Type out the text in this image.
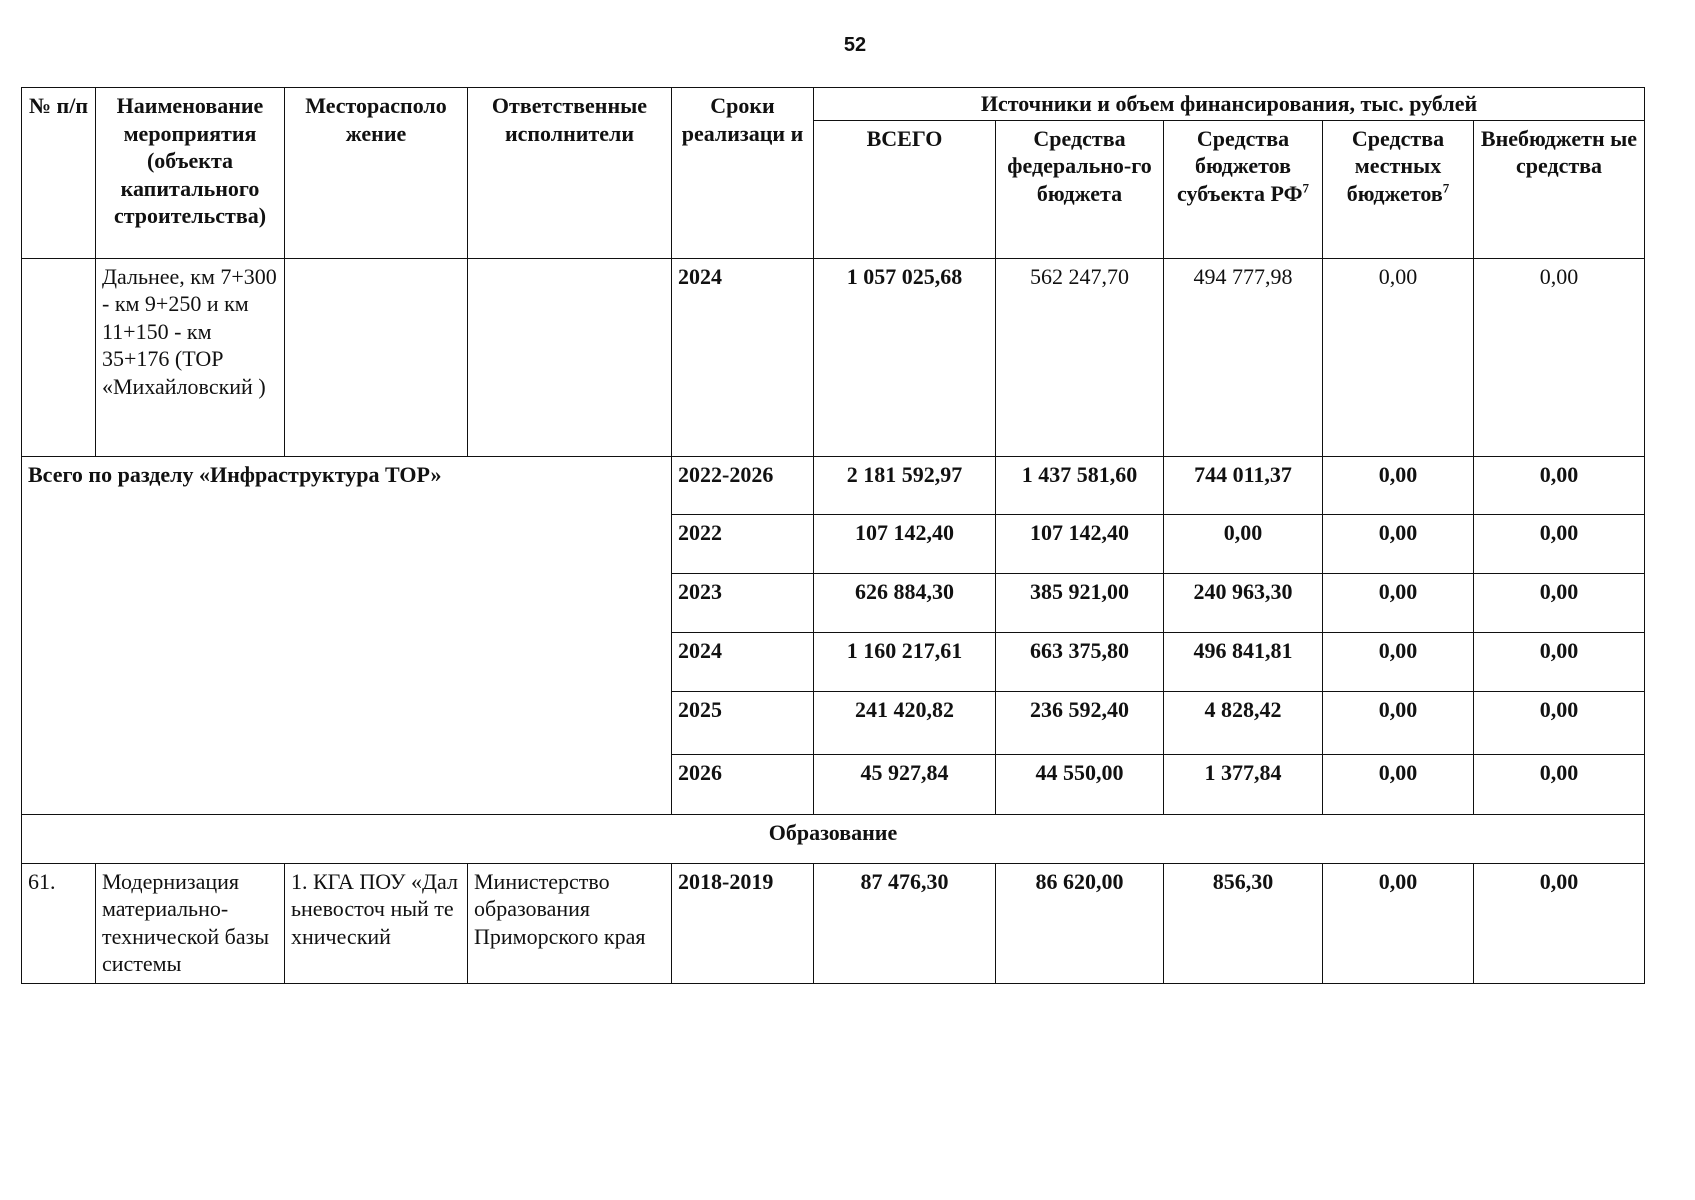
52
№ п/п	Наименование мероприятия (объекта капитального строительства)	Месторасполо жение	Ответственные исполнители	Сроки реализаци и	Источники и объем финансирования, тыс. рублей				
					ВСЕГО	Средства федерально-го бюджета	Средства бюджетов субъекта $РФ^7$	Средства местных бюджетов$^7$	Внебюджетн ые средства
	Дальнее, км 7+300 - км 9+250 и км 11+150 - км 35+176 (ТОР «Михайловский )			2024	1 057 025,68	562 247,70	494 777,98	0,00	0,00
Всего по разделу «Инфраструктура ТОР»				2022-2026	2 181 592,97	1 437 581,60	744 011,37	0,00	0,00
				2022	107 142,40	107 142,40	0,00	0,00	0,00
				2023	626 884,30	385 921,00	240 963,30	0,00	0,00
				2024	1 160 217,61	663 375,80	496 841,81	0,00	0,00
				2025	241 420,82	236 592,40	4 828,42	0,00	0,00
				2026	45 927,84	44 550,00	1 377,84	0,00	0,00
Образование									
61.	Модернизация материально-технической базы системы	1. КГА ПОУ «Дальневосточ ный технический	Министерство образования Приморского края	2018-2019	87 476,30	86 620,00	856,30	0,00	0,00
